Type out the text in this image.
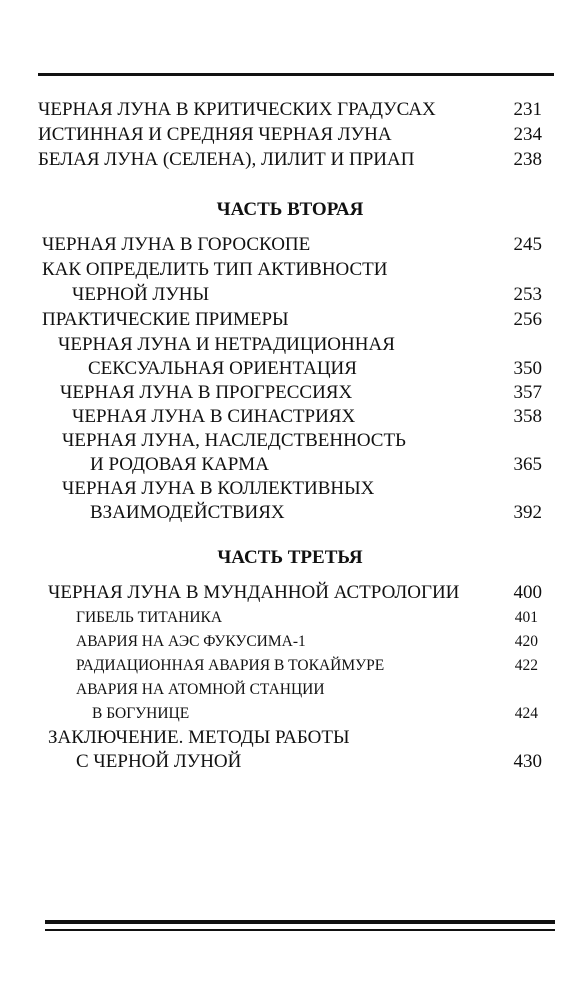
ЧЕРНАЯ ЛУНА В КРИТИЧЕСКИХ ГРАДУСАХ	231
ИСТИННАЯ И СРЕДНЯЯ ЧЕРНАЯ ЛУНА	234
БЕЛАЯ ЛУНА (СЕЛЕНА), ЛИЛИТ И ПРИАП	238
ЧАСТЬ ВТОРАЯ
ЧЕРНАЯ ЛУНА В ГОРОСКОПЕ	245
КАК ОПРЕДЕЛИТЬ ТИП АКТИВНОСТИ
ЧЕРНОЙ ЛУНЫ	253
ПРАКТИЧЕСКИЕ ПРИМЕРЫ	256
ЧЕРНАЯ ЛУНА И НЕТРАДИЦИОННАЯ
СЕКСУАЛЬНАЯ ОРИЕНТАЦИЯ	350
ЧЕРНАЯ ЛУНА В ПРОГРЕССИЯХ	357
ЧЕРНАЯ ЛУНА В СИНАСТРИЯХ	358
ЧЕРНАЯ ЛУНА, НАСЛЕДСТВЕННОСТЬ
И РОДОВАЯ КАРМА	365
ЧЕРНАЯ ЛУНА В КОЛЛЕКТИВНЫХ
ВЗАИМОДЕЙСТВИЯХ	392
ЧАСТЬ ТРЕТЬЯ
ЧЕРНАЯ ЛУНА В МУНДАННОЙ АСТРОЛОГИИ	400
ГИБЕЛЬ ТИТАНИКА	401
АВАРИЯ НА АЭС ФУКУСИМА-1	420
РАДИАЦИОННАЯ АВАРИЯ В ТОКАЙМУРЕ	422
АВАРИЯ НА АТОМНОЙ СТАНЦИИ
В БОГУНИЦЕ	424
ЗАКЛЮЧЕНИЕ. МЕТОДЫ РАБОТЫ
С ЧЕРНОЙ ЛУНОЙ	430
